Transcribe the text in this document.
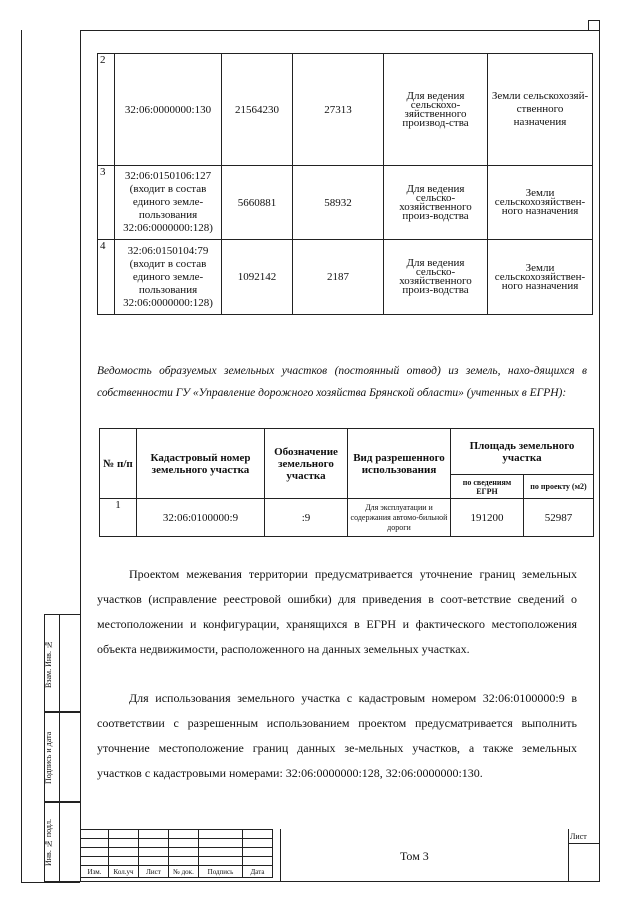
Взам. Инв. №
Подпись и дата
Инв. № подл.
2	32:06:0000000:130	21564230	27313	Для ведения сельскохо-зяйственного производ-ства	Земли сельскохозяй-ственного назначения
3	32:06:0150106:127 (входит в состав единого земле-пользования 32:06:0000000:128)	5660881	58932	Для ведения сельско-хозяйственного произ-водства	Земли сельскохозяйствен-ного назначения
4	32:06:0150104:79 (входит в состав единого земле-пользования 32:06:0000000:128)	1092142	2187	Для ведения сельско-хозяйственного произ-водства	Земли сельскохозяйствен-ного назначения
Ведомость образуемых земельных участков (постоянный отвод) из земель, нахо-дящихся в собственности ГУ «Управление дорожного хозяйства Брянской области» (учтенных в ЕГРН):
№ п/п	Кадастровый номер земельного участка	Обозначение земельного участка	Вид разрешенного использования	Площадь земельного участка	
				по сведениям ЕГРН	по проекту (м2)
1	32:06:0100000:9	:9	Для эксплуатации и содержания автомо-бильной дороги	191200	52987
Проектом межевания территории предусматривается уточнение границ земельных участков (исправление реестровой ошибки) для приведения в соот-ветствие сведений о местоположении и конфигурации, хранящихся в ЕГРН и фактического местоположения объекта недвижимости, расположенного на данных земельных участках.
Для использования земельного участка с кадастровым номером 32:06:0100000:9 в соответствии с разрешенным использованием проектом предусматривается выполнить уточнение местоположение границ данных зе-мельных участков, а также земельных участков с кадастровыми номерами: 32:06:0000000:128, 32:06:0000000:130.

Изм.	Кол.уч	Лист	№ док.	Подпись	Дата
Лист
Том 3
